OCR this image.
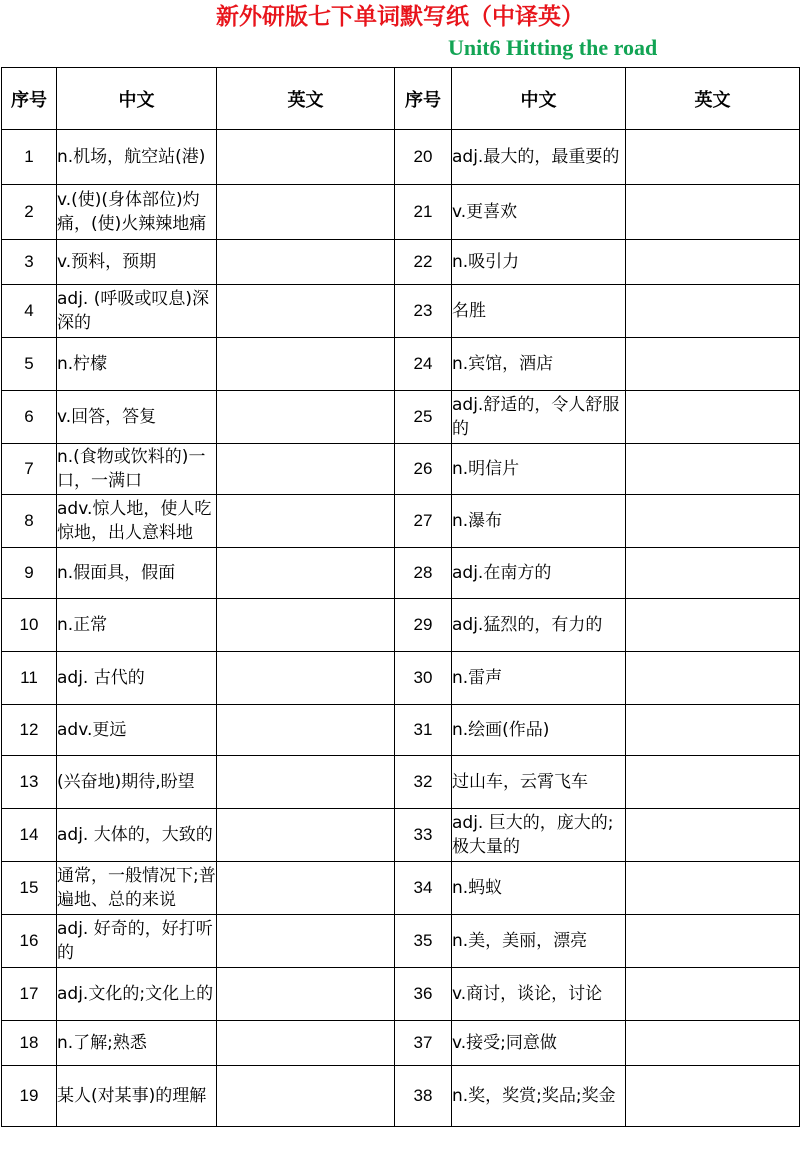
新外研版七下单词默写纸（中译英）
Unit6 Hitting the road
序号	中文	英文	序号	中文	英文
1	n.机场，航空站(港)		20	adj.最大的，最重要的	

2	v.(使)(身体部位)灼痛，(使)火辣辣地痛		21	v.更喜欢	

3	v.预料，预期		22	n.吸引力	

4	adj. (呼吸或叹息)深深的		23	名胜	

5	n.柠檬		24	n.宾馆，酒店	

6	v.回答，答复		25	adj.舒适的，令人舒服的	

7	n.(食物或饮料的)一口，一满口		26	n.明信片	

8	adv.惊人地，使人吃惊地，出人意料地		27	n.瀑布	

9	n.假面具，假面		28	adj.在南方的	

10	n.正常		29	adj.猛烈的，有力的	

11	adj. 古代的		30	n.雷声	

12	adv.更远		31	n.绘画(作品)	

13	(兴奋地)期待,盼望		32	过山车，云霄飞车	

14	adj. 大体的，大致的		33	adj. 巨大的，庞大的;极大量的	

15	通常，一般情况下;普遍地、总的来说		34	n.蚂蚁	

16	adj. 好奇的，好打听的		35	n.美，美丽，漂亮	

17	adj.文化的;文化上的		36	v.商讨，谈论，讨论	

18	n.了解;熟悉		37	v.接受;同意做	

19	某人(对某事)的理解		38	n.奖，奖赏;奖品;奖金	
